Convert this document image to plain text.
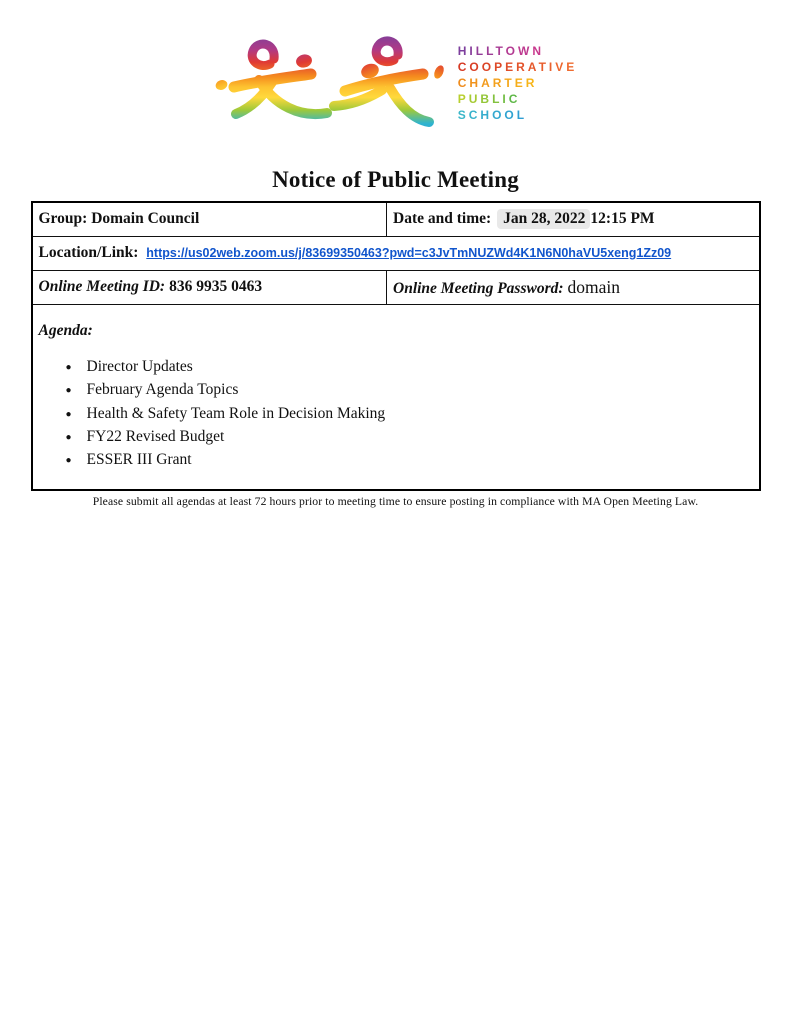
HILLTOWN
COOPERATIVE
CHARTER
PUBLIC
SCHOOL
Notice of Public Meeting
Group: Domain Council	Date and time: Jan 28, 2022 12:15 PM
Location/Link: https://us02web.zoom.us/j/83699350463?pwd=c3JvTmNUZWd4K1N6N0haVU5xeng1Zz09	
Online Meeting ID: 836 9935 0463	Online Meeting Password: domain
Agenda:
● Director Updates
● February Agenda Topics
● Health & Safety Team Role in Decision Making
● FY22 Revised Budget
● ESSER III Grant
Please submit all agendas at least 72 hours prior to meeting time to ensure posting in compliance with MA Open Meeting Law.
